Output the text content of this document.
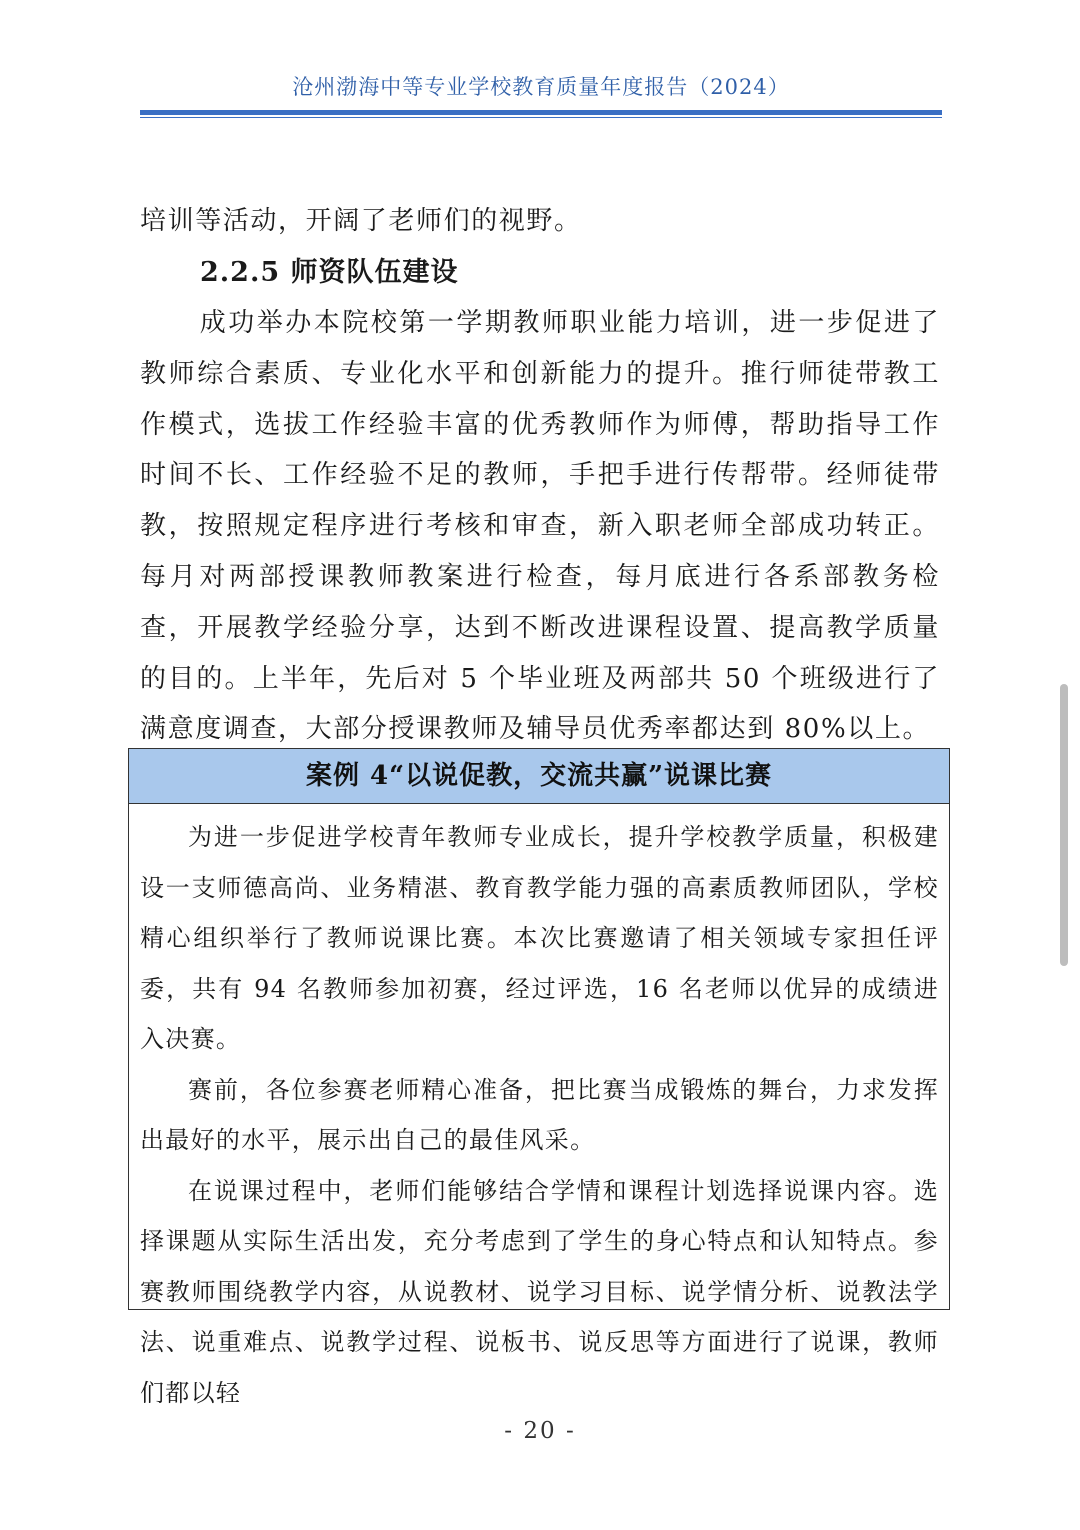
沧州渤海中等专业学校教育质量年度报告（2024）

培训等活动，开阔了老师们的视野。

2.2.5 师资队伍建设
成功举办本院校第一学期教师职业能力培训，进一步促进了教师综合素质、专业化水平和创新能力的提升。推行师徒带教工作模式，选拔工作经验丰富的优秀教师作为师傅，帮助指导工作时间不长、工作经验不足的教师，手把手进行传帮带。经师徒带教，按照规定程序进行考核和审查，新入职老师全部成功转正。每月对两部授课教师教案进行检查，每月底进行各系部教务检查，开展教学经验分享，达到不断改进课程设置、提高教学质量的目的。上半年，先后对 5 个毕业班及两部共 50 个班级进行了满意度调查，大部分授课教师及辅导员优秀率都达到 80%以上。
案例 4“以说促教，交流共赢”说课比赛

为进一步促进学校青年教师专业成长，提升学校教学质量，积极建设一支师德高尚、业务精湛、教育教学能力强的高素质教师团队，学校精心组织举行了教师说课比赛。本次比赛邀请了相关领域专家担任评委，共有 94 名教师参加初赛，经过评选，16 名老师以优异的成绩进入决赛。

赛前，各位参赛老师精心准备，把比赛当成锻炼的舞台，力求发挥出最好的水平，展示出自己的最佳风采。

在说课过程中，老师们能够结合学情和课程计划选择说课内容。选择课题从实际生活出发，充分考虑到了学生的身心特点和认知特点。参赛教师围绕教学内容，从说教材、说学习目标、说学情分析、说教法学法、说重难点、说教学过程、说板书、说反思等方面进行了说课，教师们都以轻

- 20 -
